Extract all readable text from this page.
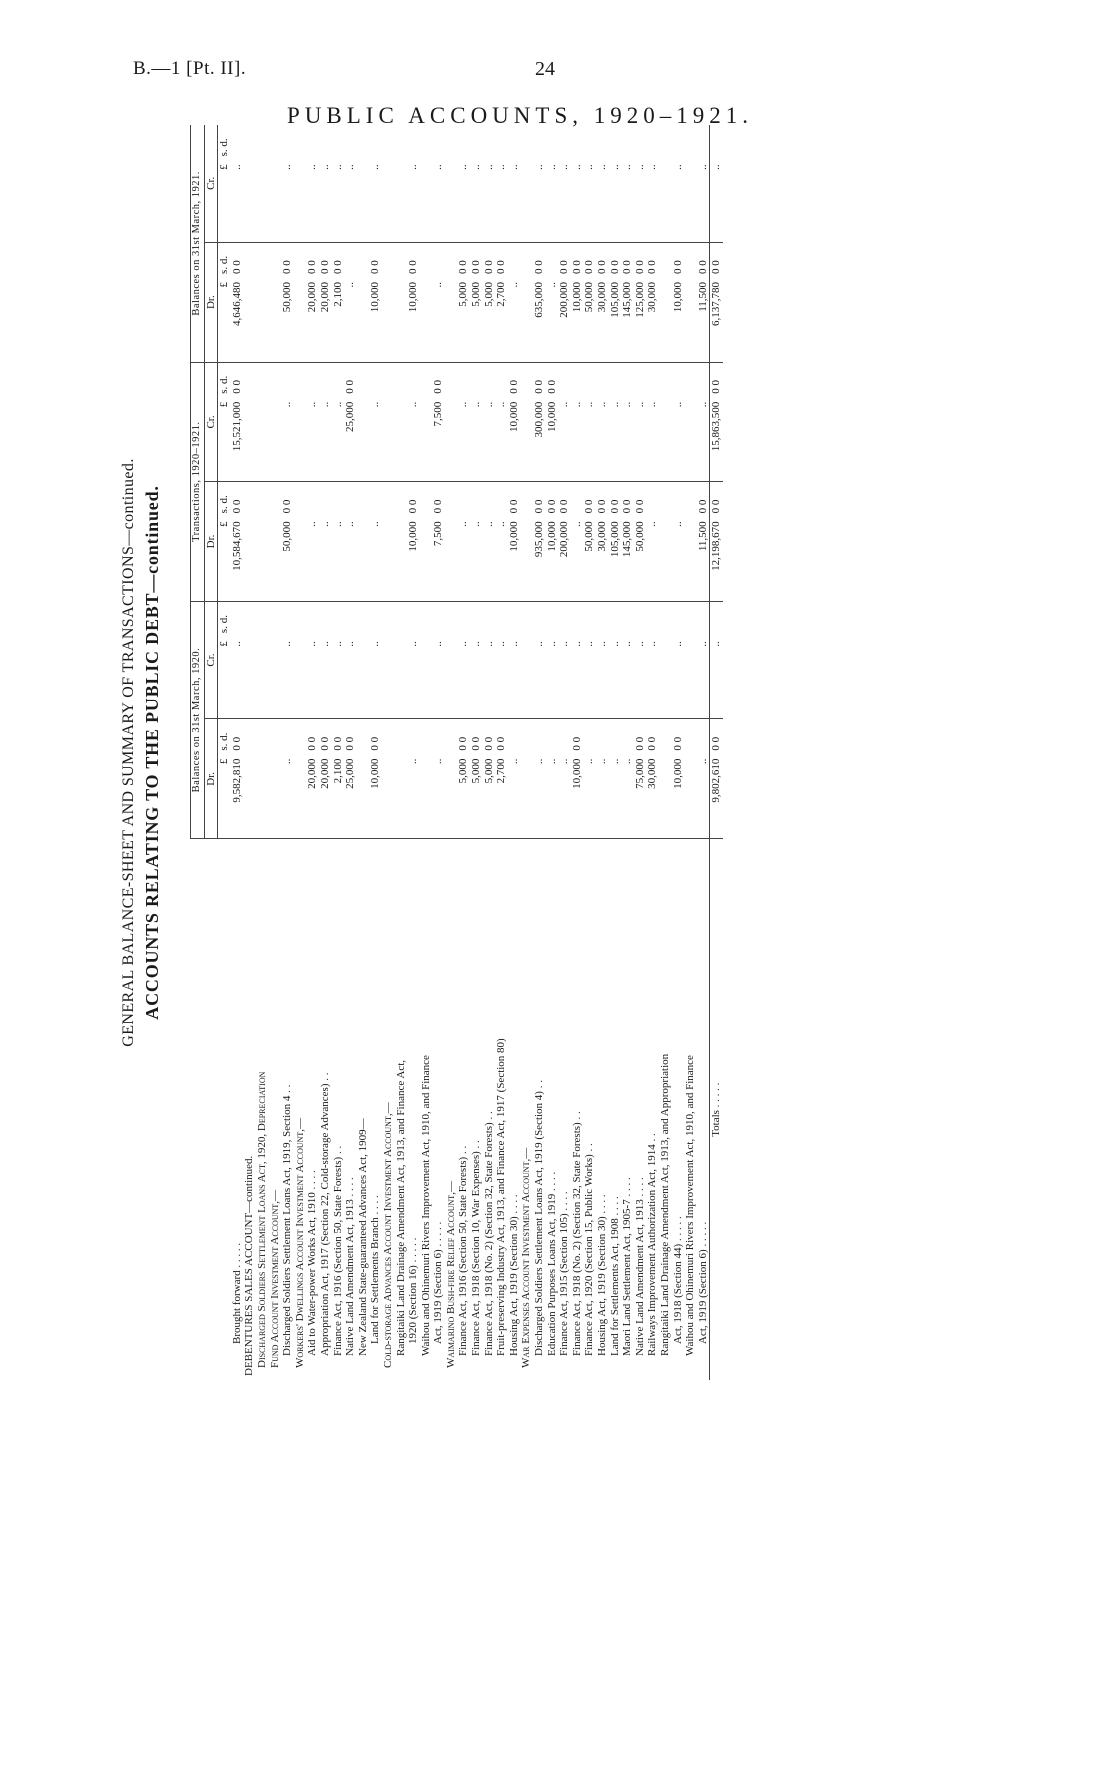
B.—1 [Pt. II].	24
PUBLIC ACCOUNTS, 1920–1921.
GENERAL BALANCE-SHEET AND SUMMARY OF TRANSACTIONS—continued. ACCOUNTS RELATING TO THE PUBLIC DEBT—continued.
		Balances on 31st March, 1920.				Transactions, 1920–1921.				Balances on 31st March, 1921.			
	Dr.		Cr.		Dr.		Cr.		Dr.		Cr.	
	£	s. d.	£	s. d.	£	s. d.	£	s. d.	£	s. d.	£	s. d.
Brought forward . . . . .	9,582,810	0 0	..		10,584,670	0 0	15,521,000	0 0	4,646,480	0 0	..	
DEBENTURES SALES ACCOUNT—continued.												
Discharged Soldiers Settlement Loans Act, 1920, Depreciation												
Fund Account Investment Account,—												
Discharged Soldiers Settlement Loans Act, 1919, Section 4 . .	..		..		50,000	0 0	..		50,000	0 0	..	
Workers' Dwellings Account Investment Account,—												
Aid to Water-power Works Act, 1910 . . . .	20,000	0 0	..		..		..		20,000	0 0	..	
Appropriation Act, 1917 (Section 22, Cold-storage Advances) . .	20,000	0 0	..		..		..		20,000	0 0	..	
Finance Act, 1916 (Section 50, State Forests) . .	2,100	0 0	..		..		..		2,100	0 0	..	
Native Land Amendment Act, 1913 . . . .	25,000	0 0	..		..		25,000	0 0	..		..	
New Zealand State-guaranteed Advances Act, 1909—												
Land for Settlements Branch . . . .	10,000	0 0	..		..		..		10,000	0 0	..	
Cold-storage Advances Account Investment Account,—												
Rangitaiki Land Drainage Amendment Act, 1913, and Finance Act,												
1920 (Section 16) . . . . .	..		..		10,000	0 0	..		10,000	0 0	..	
Waihou and Ohinemuri Rivers Improvement Act, 1910, and Finance												
Act, 1919 (Section 6) . . . . .	..		..		7,500	0 0	7,500	0 0	..		..	
Waimarino Bush-fire Relief Account,—												
Finance Act, 1916 (Section 50, State Forests) . .	5,000	0 0	..		..		..		5,000	0 0	..	
Finance Act, 1918 (Section 10, War Expenses) . .	5,000	0 0	..		..		..		5,000	0 0	..	
Finance Act, 1918 (No. 2) (Section 32, State Forests) . .	5,000	0 0	..		..		..		5,000	0 0	..	
Fruit-preserving Industry Act, 1913, and Finance Act, 1917 (Section 80)	2,700	0 0	..		..		..		2,700	0 0	..	
Housing Act, 1919 (Section 30) . . . .	..		..		10,000	0 0	10,000	0 0	..		..	
War Expenses Account Investment Account,—												
Discharged Soldiers Settlement Loans Act, 1919 (Section 4) . .	..		..		935,000	0 0	300,000	0 0	635,000	0 0	..	
Education Purposes Loans Act, 1919 . . . .	..		..		10,000	0 0	10,000	0 0	..		..	
Finance Act, 1915 (Section 105) . . . .	..		..		200,000	0 0	..		200,000	0 0	..	
Finance Act, 1918 (No. 2) (Section 32, State Forests) . .	10,000	0 0	..		..		..		10,000	0 0	..	
Finance Act, 1920 (Section 15, Public Works) . .	..		..		50,000	0 0	..		50,000	0 0	..	
Housing Act, 1919 (Section 30) . . . .	..		..		30,000	0 0	..		30,000	0 0	..	
Land for Settlements Act, 1908 . . . .	..		..		105,000	0 0	..		105,000	0 0	..	
Maori Land Settlement Act, 1905-7 . . . .	..		..		145,000	0 0	..		145,000	0 0	..	
Native Land Amendment Act, 1913 . . . .	75,000	0 0	..		50,000	0 0	..		125,000	0 0	..	
Railways Improvement Authorization Act, 1914 . .	30,000	0 0	..		..		..		30,000	0 0	..	
Rangitaiki Land Drainage Amendment Act, 1913, and Appropriation												
Act, 1918 (Section 44) . . . . .	10,000	0 0	..		..		..		10,000	0 0	..	
Waihou and Ohinemuri Rivers Improvement Act, 1910, and Finance												
Act, 1919 (Section 6) . . . . .	..		..		11,500	0 0	..		11,500	0 0	..	
Totals . . . . .	9,802,610	0 0	..		12,198,670	0 0	15,863,500	0 0	6,137,780	0 0	..	
